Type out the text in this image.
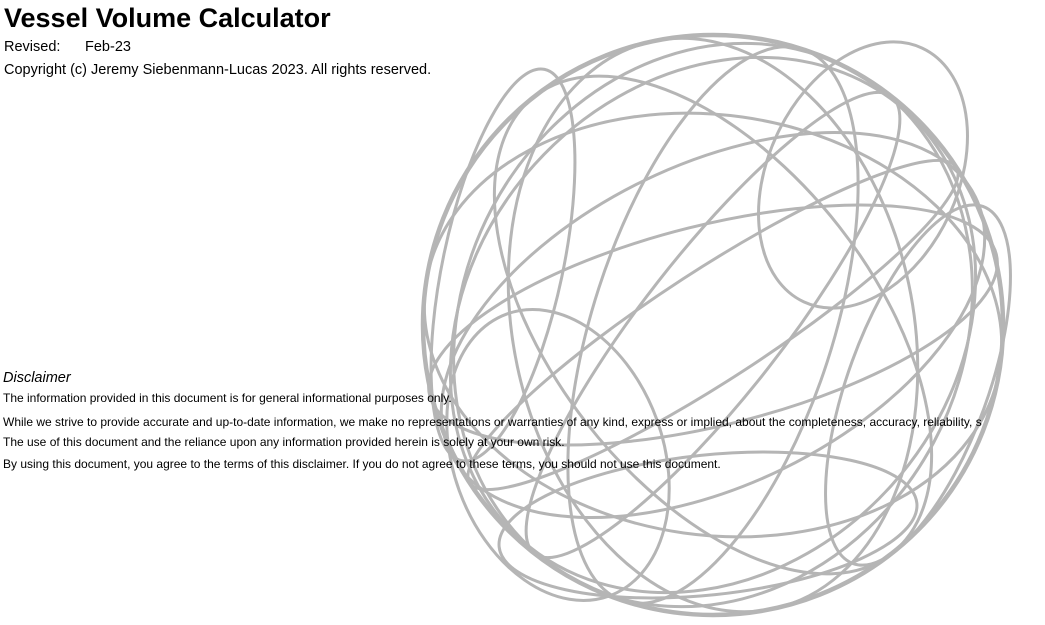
Vessel Volume Calculator
Revised: Feb-23
Copyright (c) Jeremy Siebenmann-Lucas 2023. All rights reserved.
Disclaimer
The information provided in this document is for general informational purposes only.
While we strive to provide accurate and up-to-date information, we make no representations or warranties of any kind, express or implied, about the completeness, accuracy, reliability, s
The use of this document and the reliance upon any information provided herein is solely at your own risk.
By using this document, you agree to the terms of this disclaimer. If you do not agree to these terms, you should not use this document.
